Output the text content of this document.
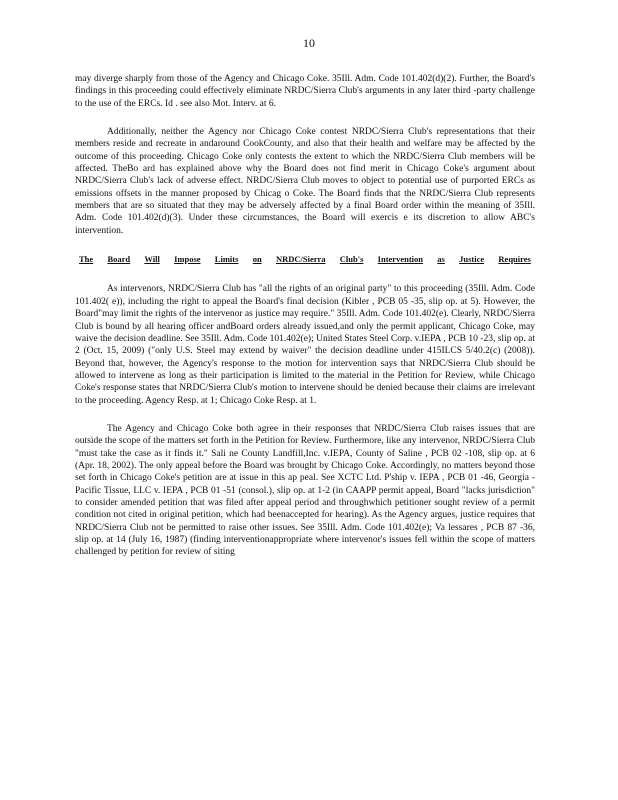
10

may diverge sharply from those of the Agency and Chicago Coke. 35Ill. Adm. Code 101.402(d)(2). Further, the Board's findings in this proceeding could effectively eliminate NRDC/Sierra Club's arguments in any later third -party challenge to the use of the ERCs. Id . see also Mot. Interv. at 6.

Additionally, neither the Agency nor Chicago Coke contest NRDC/Sierra Club's representations that their members reside and recreate in andaround CookCounty, and also that their health and welfare may be affected by the outcome of this proceeding. Chicago Coke only contests the extent to which the NRDC/Sierra Club members will be affected. TheBo ard has explained above why the Board does not find merit in Chicago Coke's argument about NRDC/Sierra Club's lack of adverse effect. NRDC/Sierra Club moves to object to potential use of purported ERCs as emissions offsets in the manner proposed by Chicag o Coke. The Board finds that the NRDC/Sierra Club represents members that are so situated that they may be adversely affected by a final Board order within the meaning of 35Ill. Adm. Code 101.402(d)(3). Under these circumstances, the Board will exercis e its discretion to allow ABC's intervention.

The Board Will Impose Limits on NRDC/Sierra Club's Intervention as Justice Requires

As intervenors, NRDC/Sierra Club has "all the rights of an original party" to this proceeding (35Ill. Adm. Code 101.402( e)), including the right to appeal the Board's final decision (Kibler , PCB 05 -35, slip op. at 5). However, the Board"may limit the rights of the intervenor as justice may require." 35Ill. Adm. Code 101.402(e). Clearly, NRDC/Sierra Club is bound by all hearing officer andBoard orders already issued,and only the permit applicant, Chicago Coke, may waive the decision deadline. See 35Ill. Adm. Code 101.402(e); United States Steel Corp. v.IEPA , PCB 10 -23, slip op. at 2 (Oct. 15, 2009) ("only U.S. Steel may extend by waiver" the decision deadline under 415ILCS 5/40.2(c) (2008)). Beyond that, however, the Agency's response to the motion for intervention says that NRDC/Sierra Club should be allowed to intervene as long as their participation is limited to the material in the Petition for Review, while Chicago Coke's response states that NRDC/Sierra Club's motion to intervene should be denied because their claims are irrelevant to the proceeding. Agency Resp. at 1; Chicago Coke Resp. at 1.

The Agency and Chicago Coke both agree in their responses that NRDC/Sierra Club raises issues that are outside the scope of the matters set forth in the Petition for Review. Furthermore, like any intervenor, NRDC/Sierra Club "must take the case as it finds it." Sali ne County Landfill,Inc. v.IEPA, County of Saline , PCB 02 -108, slip op. at 6 (Apr. 18, 2002). The only appeal before the Board was brought by Chicago Coke. Accordingly, no matters beyond those set forth in Chicago Coke's petition are at issue in this ap peal. See XCTC Ltd. P'ship v. IEPA , PCB 01 -46, Georgia -Pacific Tissue, LLC v. IEPA , PCB 01 -51 (consol.), slip op. at 1-2 (in CAAPP permit appeal, Board "lacks jurisdiction" to consider amended petition that was filed after appeal period and throughwhich petitioner sought review of a permit condition not cited in original petition, which had beenaccepted for hearing). As the Agency argues, justice requires that NRDC/Sierra Club not be permitted to raise other issues. See 35Ill. Adm. Code 101.402(e); Va lessares , PCB 87 -36, slip op. at 14 (July 16, 1987) (finding interventionappropriate where intervenor's issues fell within the scope of matters challenged by petition for review of siting
